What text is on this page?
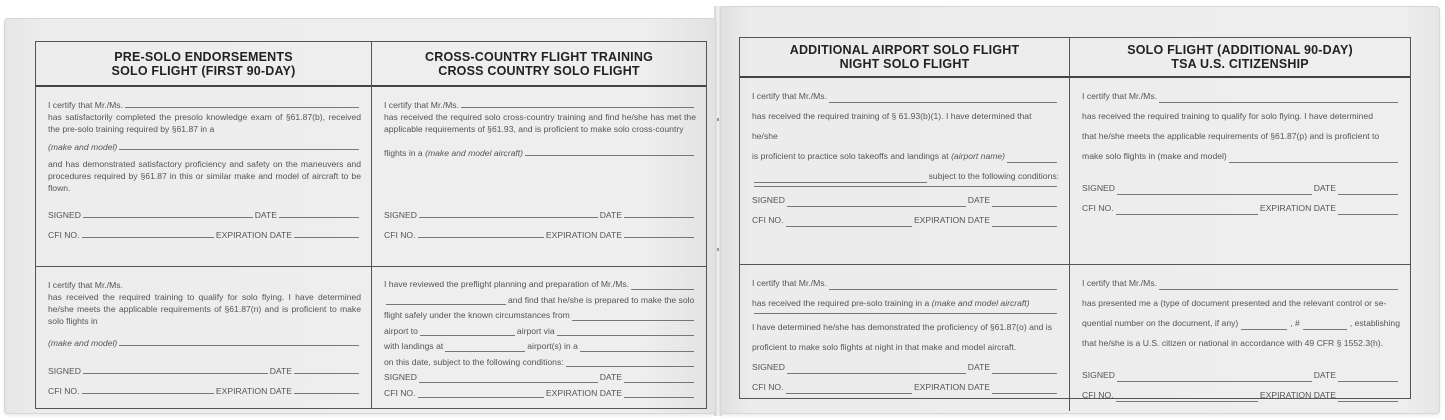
PRE-SOLO ENDORSEMENTS
SOLO FLIGHT (FIRST 90-DAY)
CROSS-COUNTRY FLIGHT TRAINING
CROSS COUNTRY SOLO FLIGHT
I certify that Mr./Ms.
has satisfactorily completed the presolo knowledge exam of §61.87(b), received the pre-solo training required by §61.87 in a
(make and model)
and has demonstrated satisfactory proficiency and safety on the maneuvers and procedures required by §61.87 in this or similar make and model of aircraft to be flown.
SIGNED	DATE
CFI NO.	EXPIRATION DATE
I certify that Mr./Ms.
has received the required solo cross-country training and find he/she has met the applicable requirements of §61.93, and is proficient to make solo cross-country
flights in a
(make and model aircraft)
SIGNED	DATE
CFI NO.	EXPIRATION DATE
I certify that Mr./Ms.
has received the required training to qualify for solo flying. I have determined he/she meets the applicable requirements of §61.87(n) and is proficient to make solo flights in
(make and model)
SIGNED	DATE
CFI NO.	EXPIRATION DATE
I have reviewed the preflight planning and preparation of Mr./Ms.
and find that he/she is prepared to make the solo
flight safely under the known circumstances from
airport to	airport via
with landings at	airport(s) in a
on this date, subject to the following conditions:
SIGNED	DATE
CFI NO.	EXPIRATION DATE
ADDITIONAL AIRPORT SOLO FLIGHT
NIGHT SOLO FLIGHT
SOLO FLIGHT (ADDITIONAL 90-DAY)
TSA U.S. CITIZENSHIP
I certify that Mr./Ms.
has received the required training of § 61.93(b)(1). I have determined that he/she
is proficient to practice solo takeoffs and landings at
(airport name)
subject to the following conditions:
SIGNED	DATE
CFI NO.	EXPIRATION DATE
I certify that Mr./Ms.
has received the required training to qualify for solo flying. I have determined
that he/she meets the applicable requirements of §61.87(p) and is proficient to
make solo flights in (make and model)
SIGNED	DATE
CFI NO.	EXPIRATION DATE
I certify that Mr./Ms.
has received the required pre-solo training in a
(make and model aircraft)
I have determined he/she has demonstrated the proficiency of §61.87(o) and is
proficient to make solo flights at night in that make and model aircraft.
SIGNED	DATE
CFI NO.	EXPIRATION DATE
I certify that Mr./Ms.
has presented me a (type of document presented and the relevant control or se-
quential number on the document, if any)	, #	, establishing
that he/she is a U.S. citizen or national in accordance with 49 CFR § 1552.3(h).
SIGNED	DATE
CFI NO.	EXPIRATION DATE
